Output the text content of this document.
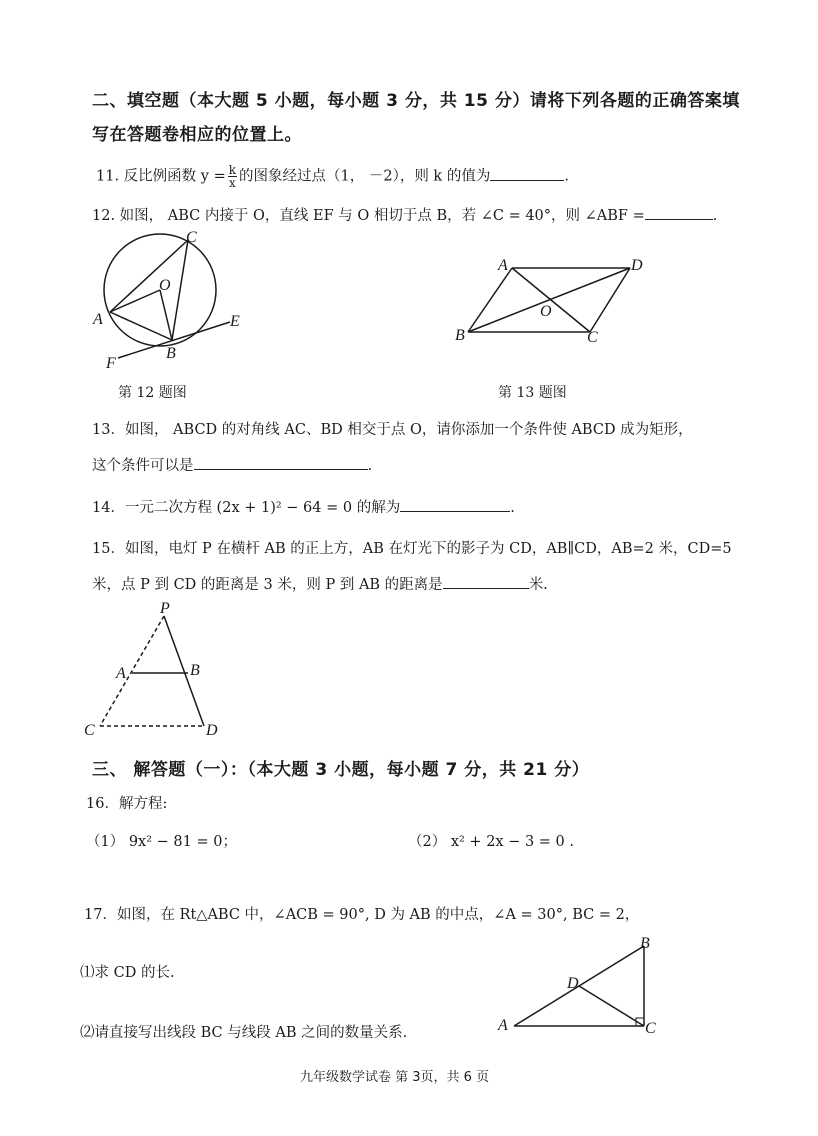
二、填空题（本大题 5 小题，每小题 3 分，共 15 分）请将下列各题的正确答案填
写在答题卷相应的位置上。
11. 反比例函数 $y = \frac{k}{x}$ 的图象经过点（1， －2），则 k 的值为	.
12. 如图， ABC 内接于 O，直线 EF 与 O 相切于点 B，若 ∠C = 40°，则 ∠ABF =	.
C
O
A
B
E
F
第 12 题图
A	D
O
B	C
第 13 题图
13．如图， ABCD 的对角线 AC、BD 相交于点 O，请你添加一个条件使 ABCD 成为矩形，
这个条件可以是	.
14．一元二次方程 (2x + 1)² − 64 = 0 的解为	.
15．如图，电灯 P 在横杆 AB 的正上方，AB 在灯光下的影子为 CD，AB∥CD，AB=2 米，CD=5
米，点 P 到 CD 的距离是 3 米，则 P 到 AB 的距离是	米.
P
A	B
C	D
三、 解答题（一）：（本大题 3 小题，每小题 7 分，共 21 分）
16．解方程:
（1） 9x² − 81 = 0；	（2） x² + 2x − 3 = 0 .
17．如图，在 Rt△ABC 中，∠ACB = 90°, D 为 AB 的中点，∠A = 30°, BC = 2，
⑴求 CD 的长.
⑵请直接写出线段 BC 与线段 AB 之间的数量关系.
B
D
A	C
九年级数学试卷 第 3页，共 6 页
